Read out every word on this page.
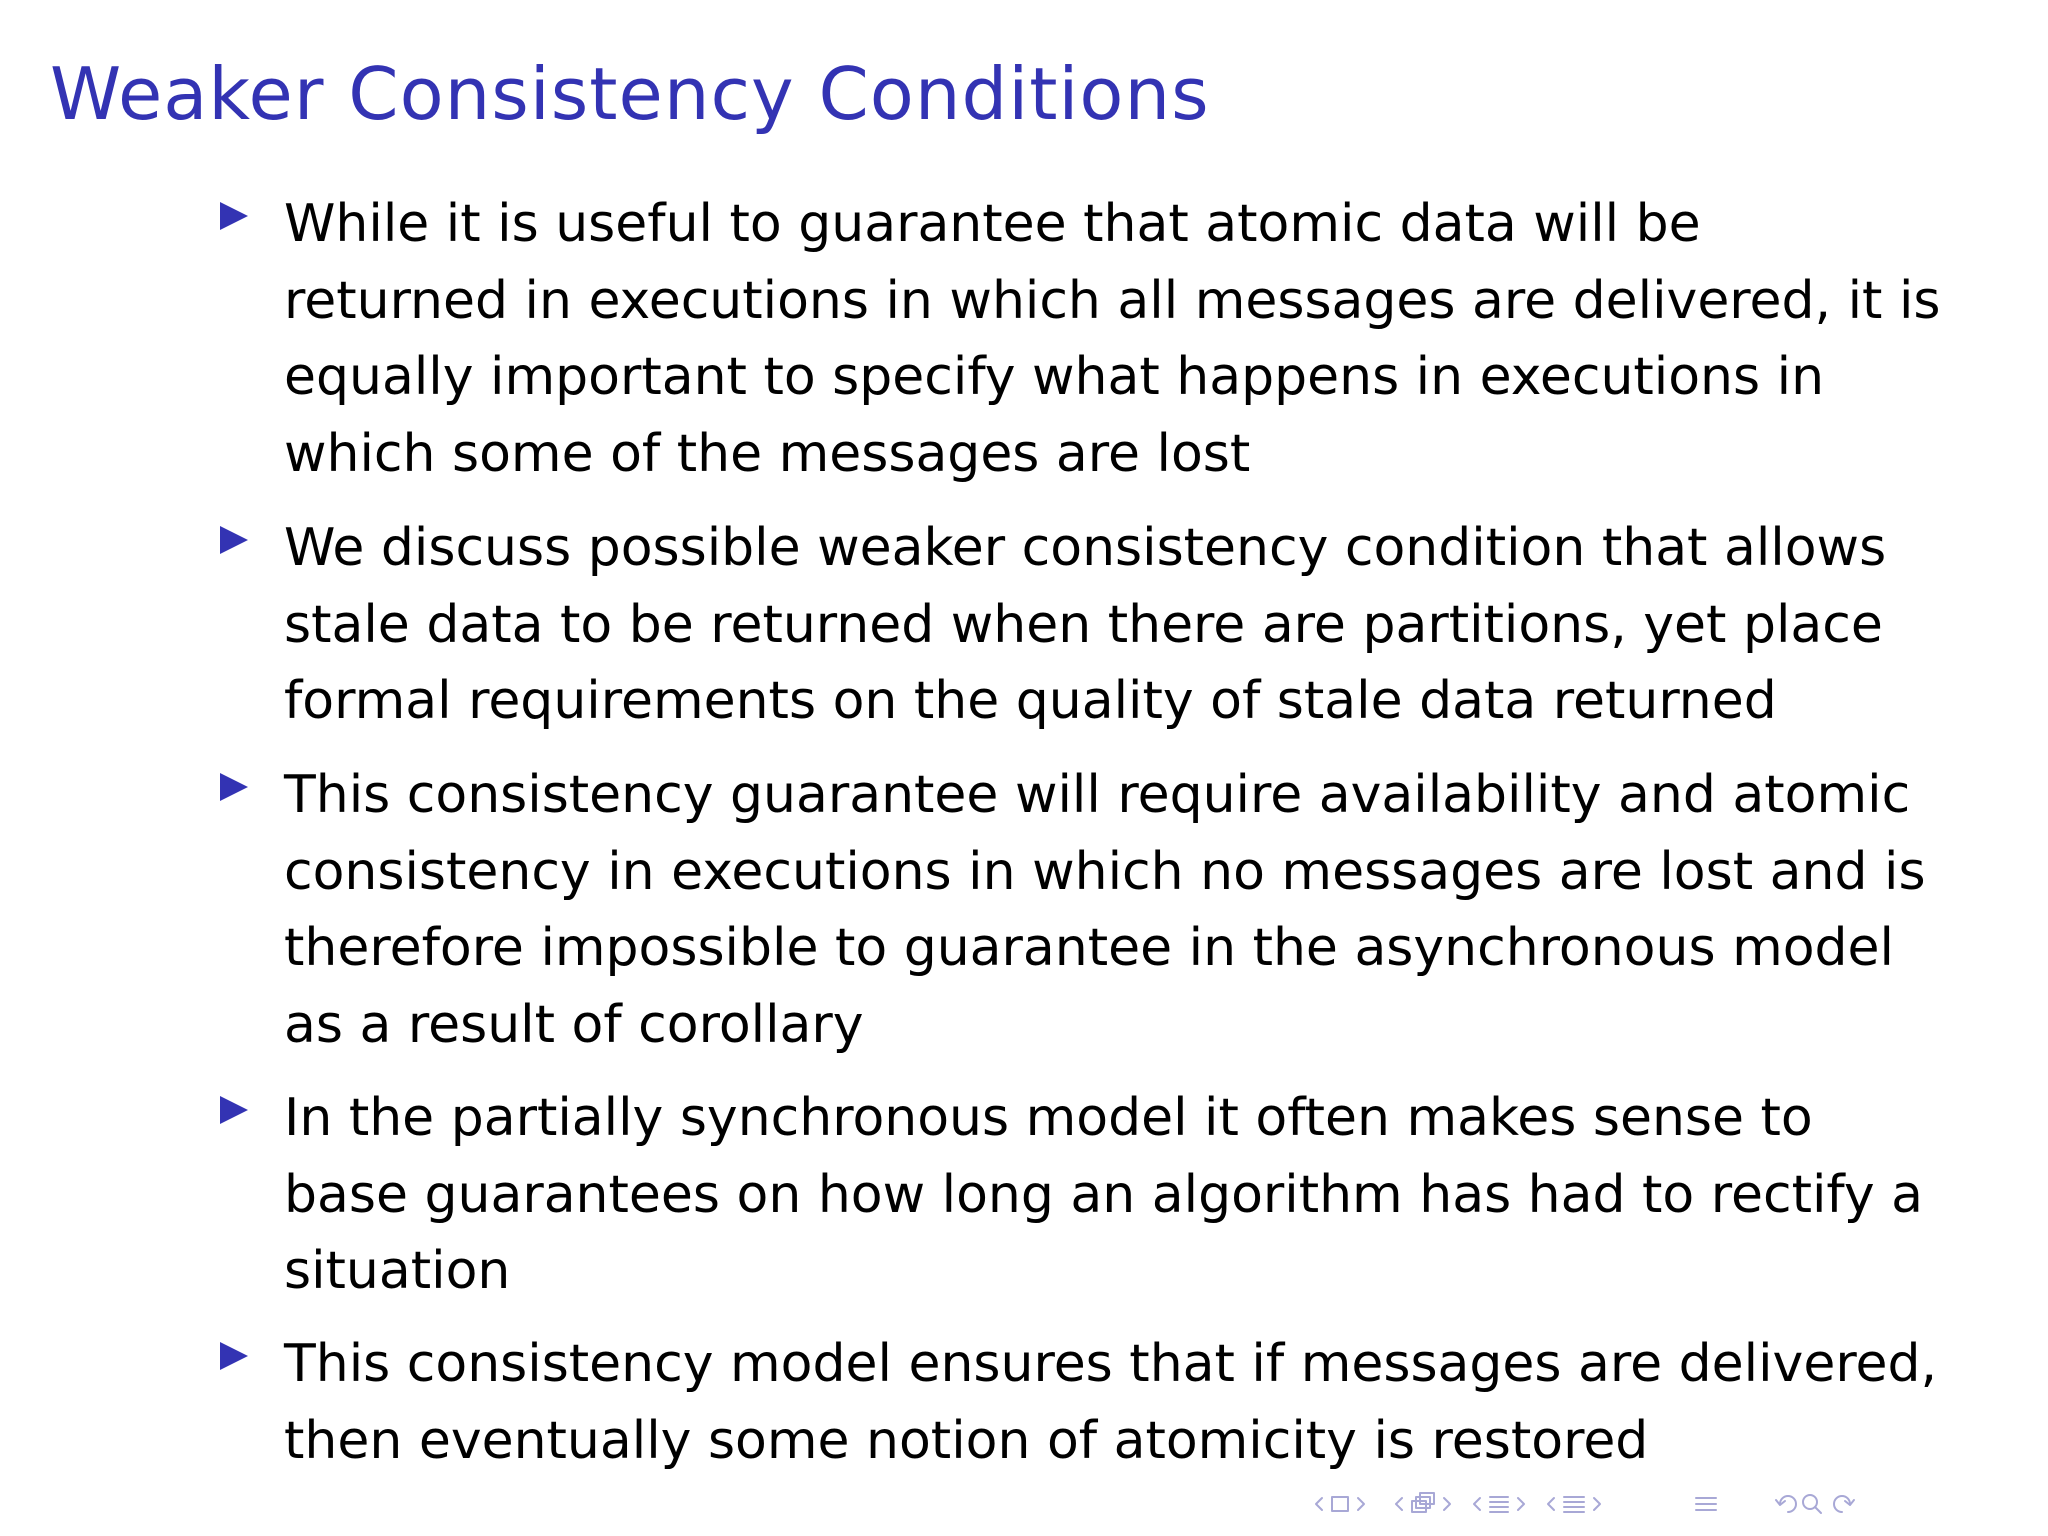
Weaker Consistency Conditions

While it is useful to guarantee that atomic data will be
returned in executions in which all messages are delivered, it is
equally important to specify what happens in executions in
which some of the messages are lost

We discuss possible weaker consistency condition that allows
stale data to be returned when there are partitions, yet place
formal requirements on the quality of stale data returned

This consistency guarantee will require availability and atomic
consistency in executions in which no messages are lost and is
therefore impossible to guarantee in the asynchronous model
as a result of corollary

In the partially synchronous model it often makes sense to
base guarantees on how long an algorithm has had to rectify a
situation

This consistency model ensures that if messages are delivered,
then eventually some notion of atomicity is restored
